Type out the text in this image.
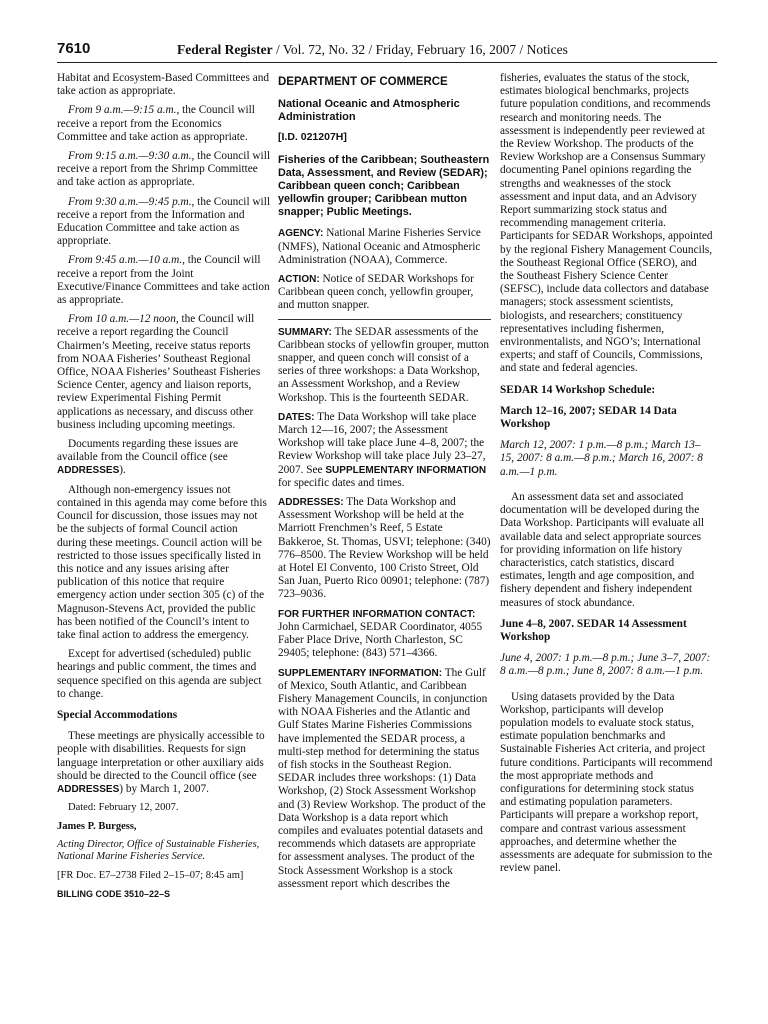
7610	Federal Register / Vol. 72, No. 32 / Friday, February 16, 2007 / Notices

Habitat and Ecosystem-Based Committees and take action as appropriate.

From 9 a.m.—9:15 a.m., the Council will receive a report from the Economics Committee and take action as appropriate.

From 9:15 a.m.—9:30 a.m., the Council will receive a report from the Shrimp Committee and take action as appropriate.

From 9:30 a.m.—9:45 p.m., the Council will receive a report from the Information and Education Committee and take action as appropriate.

From 9:45 a.m.—10 a.m., the Council will receive a report from the Joint Executive/Finance Committees and take action as appropriate.

From 10 a.m.—12 noon, the Council will receive a report regarding the Council Chairmen’s Meeting, receive status reports from NOAA Fisheries’ Southeast Regional Office, NOAA Fisheries’ Southeast Fisheries Science Center, agency and liaison reports, review Experimental Fishing Permit applications as necessary, and discuss other business including upcoming meetings.

Documents regarding these issues are available from the Council office (see ADDRESSES).

Although non-emergency issues not contained in this agenda may come before this Council for discussion, those issues may not be the subjects of formal Council action during these meetings. Council action will be restricted to those issues specifically listed in this notice and any issues arising after publication of this notice that require emergency action under section 305 (c) of the Magnuson-Stevens Act, provided the public has been notified of the Council’s intent to take final action to address the emergency.

Except for advertised (scheduled) public hearings and public comment, the times and sequence specified on this agenda are subject to change.

Special Accommodations

These meetings are physically accessible to people with disabilities. Requests for sign language interpretation or other auxiliary aids should be directed to the Council office (see ADDRESSES) by March 1, 2007.

Dated: February 12, 2007.

James P. Burgess,

Acting Director, Office of Sustainable Fisheries, National Marine Fisheries Service.

[FR Doc. E7–2738 Filed 2–15–07; 8:45 am]

BILLING CODE 3510–22–S
DEPARTMENT OF COMMERCE
National Oceanic and Atmospheric Administration
[I.D. 021207H]
Fisheries of the Caribbean; Southeastern Data, Assessment, and Review (SEDAR); Caribbean queen conch; Caribbean yellowfin grouper; Caribbean mutton snapper; Public Meetings.

AGENCY: National Marine Fisheries Service (NMFS), National Oceanic and Atmospheric Administration (NOAA), Commerce.

ACTION: Notice of SEDAR Workshops for Caribbean queen conch, yellowfin grouper, and mutton snapper.

SUMMARY: The SEDAR assessments of the Caribbean stocks of yellowfin grouper, mutton snapper, and queen conch will consist of a series of three workshops: a Data Workshop, an Assessment Workshop, and a Review Workshop. This is the fourteenth SEDAR.

DATES: The Data Workshop will take place March 12—16, 2007; the Assessment Workshop will take place June 4–8, 2007; the Review Workshop will take place July 23–27, 2007. See SUPPLEMENTARY INFORMATION for specific dates and times.

ADDRESSES: The Data Workshop and Assessment Workshop will be held at the Marriott Frenchmen’s Reef, 5 Estate Bakkeroe, St. Thomas, USVI; telephone: (340) 776–8500. The Review Workshop will be held at Hotel El Convento, 100 Cristo Street, Old San Juan, Puerto Rico 00901; telephone: (787) 723–9036.

FOR FURTHER INFORMATION CONTACT: John Carmichael, SEDAR Coordinator, 4055 Faber Place Drive, North Charleston, SC 29405; telephone: (843) 571–4366.

SUPPLEMENTARY INFORMATION: The Gulf of Mexico, South Atlantic, and Caribbean Fishery Management Councils, in conjunction with NOAA Fisheries and the Atlantic and Gulf States Marine Fisheries Commissions have implemented the SEDAR process, a multi-step method for determining the status of fish stocks in the Southeast Region. SEDAR includes three workshops: (1) Data Workshop, (2) Stock Assessment Workshop and (3) Review Workshop. The product of the Data Workshop is a data report which compiles and evaluates potential datasets and recommends which datasets are appropriate for assessment analyses. The product of the Stock Assessment Workshop is a stock assessment report which describes the

fisheries, evaluates the status of the stock, estimates biological benchmarks, projects future population conditions, and recommends research and monitoring needs. The assessment is independently peer reviewed at the Review Workshop. The products of the Review Workshop are a Consensus Summary documenting Panel opinions regarding the strengths and weaknesses of the stock assessment and input data, and an Advisory Report summarizing stock status and recommending management criteria. Participants for SEDAR Workshops, appointed by the regional Fishery Management Councils, the Southeast Regional Office (SERO), and the Southeast Fishery Science Center (SEFSC), include data collectors and database managers; stock assessment scientists, biologists, and researchers; constituency representatives including fishermen, environmentalists, and NGO’s; International experts; and staff of Councils, Commissions, and state and federal agencies.

SEDAR 14 Workshop Schedule:
March 12–16, 2007; SEDAR 14 Data Workshop

March 12, 2007: 1 p.m.—8 p.m.; March 13–15, 2007: 8 a.m.—8 p.m.; March 16, 2007: 8 a.m.—1 p.m.

An assessment data set and associated documentation will be developed during the Data Workshop. Participants will evaluate all available data and select appropriate sources for providing information on life history characteristics, catch statistics, discard estimates, length and age composition, and fishery dependent and fishery independent measures of stock abundance.

June 4–8, 2007. SEDAR 14 Assessment Workshop

June 4, 2007: 1 p.m.—8 p.m.; June 3–7, 2007: 8 a.m.—8 p.m.; June 8, 2007: 8 a.m.—1 p.m.

Using datasets provided by the Data Workshop, participants will develop population models to evaluate stock status, estimate population benchmarks and Sustainable Fisheries Act criteria, and project future conditions. Participants will recommend the most appropriate methods and configurations for determining stock status and estimating population parameters. Participants will prepare a workshop report, compare and contrast various assessment approaches, and determine whether the assessments are adequate for submission to the review panel.
